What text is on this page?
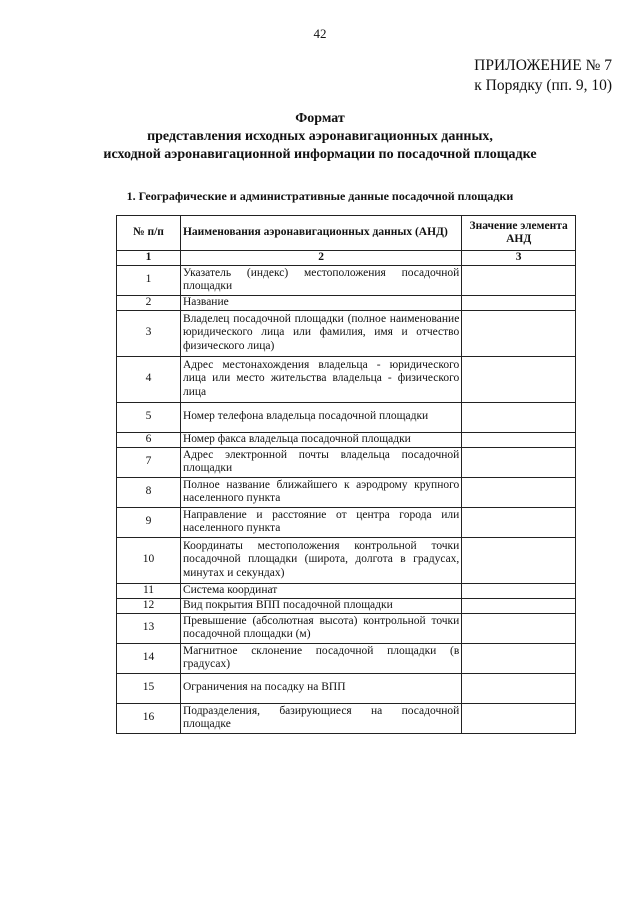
42
ПРИЛОЖЕНИЕ № 7
к Порядку (пп. 9, 10)
Формат
представления исходных аэронавигационных данных,
исходной аэронавигационной информации по посадочной площадке
1. Географические и административные данные посадочной площадки
№ п/п	Наименования аэронавигационных данных (АНД)	Значение элемента АНД
1	2	3
1	Указатель (индекс) местоположения посадочной площадки	
2	Название	
3	Владелец посадочной площадки (полное наименование юридического лица или фамилия, имя и отчество физического лица)	
4	Адрес местонахождения владельца - юридического лица или место жительства владельца - физического лица	
5	Номер телефона владельца посадочной площадки	
6	Номер факса владельца посадочной площадки	
7	Адрес электронной почты владельца посадочной площадки	
8	Полное название ближайшего к аэродрому крупного населенного пункта	
9	Направление и расстояние от центра города или населенного пункта	
10	Координаты местоположения контрольной точки посадочной площадки (широта, долгота в градусах, минутах и секундах)	
11	Система координат	
12	Вид покрытия ВПП посадочной площадки	
13	Превышение (абсолютная высота) контрольной точки посадочной площадки (м)	
14	Магнитное склонение посадочной площадки (в градусах)	
15	Ограничения на посадку на ВПП	
16	Подразделения, базирующиеся на посадочной площадке	
